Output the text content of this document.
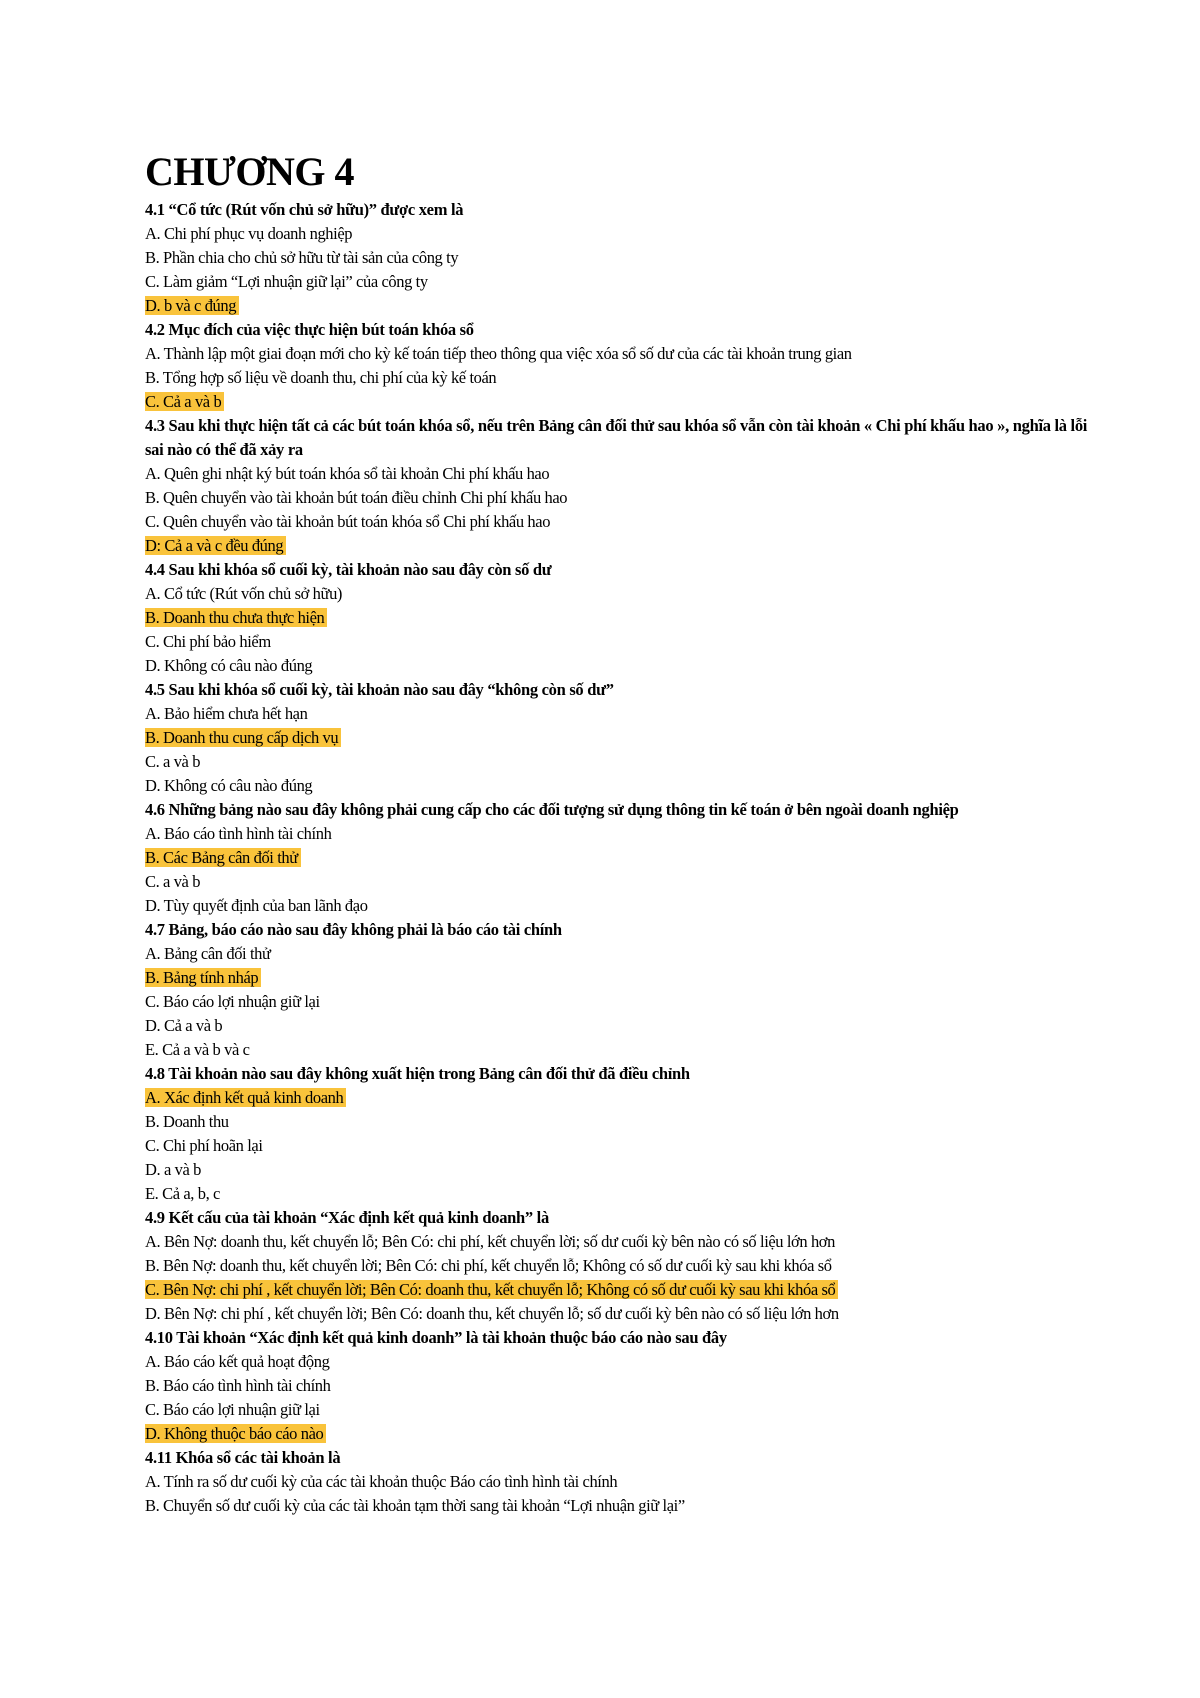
CHƯƠNG 4
4.1 “Cổ tức (Rút vốn chủ sở hữu)” được xem là
A. Chi phí phục vụ doanh nghiệp
B. Phần chia cho chủ sở hữu từ tài sản của công ty
C. Làm giảm “Lợi nhuận giữ lại” của công ty
D. b và c đúng
4.2 Mục đích của việc thực hiện bút toán khóa sổ
A. Thành lập một giai đoạn mới cho kỳ kế toán tiếp theo thông qua việc xóa sổ số dư của các tài khoản trung gian
B. Tổng hợp số liệu về doanh thu, chi phí của kỳ kế toán
C. Cả a và b
4.3 Sau khi thực hiện tất cả các bút toán khóa sổ, nếu trên Bảng cân đối thử sau khóa sổ vẫn còn tài khoản « Chi phí khấu hao », nghĩa là lỗi sai nào có thể đã xảy ra
A. Quên ghi nhật ký bút toán khóa sổ tài khoản Chi phí khấu hao
B. Quên chuyển vào tài khoản bút toán điều chỉnh Chi phí khấu hao
C. Quên chuyển vào tài khoản bút toán khóa sổ Chi phí khấu hao
D: Cả a và c đều đúng
4.4 Sau khi khóa sổ cuối kỳ, tài khoản nào sau đây còn số dư
A. Cổ tức (Rút vốn chủ sở hữu)
B. Doanh thu chưa thực hiện
C. Chi phí bảo hiểm
D. Không có câu nào đúng
4.5 Sau khi khóa sổ cuối kỳ, tài khoản nào sau đây “không còn số dư”
A. Bảo hiểm chưa hết hạn
B. Doanh thu cung cấp dịch vụ
C. a và b
D. Không có câu nào đúng
4.6 Những bảng nào sau đây không phải cung cấp cho các đối tượng sử dụng thông tin kế toán ở bên ngoài doanh nghiệp
A. Báo cáo tình hình tài chính
B. Các Bảng cân đối thử
C. a và b
D. Tùy quyết định của ban lãnh đạo
4.7 Bảng, báo cáo nào sau đây không phải là báo cáo tài chính
A. Bảng cân đối thử
B. Bảng tính nháp
C. Báo cáo lợi nhuận giữ lại
D. Cả a và b
E. Cả a và b và c
4.8 Tài khoản nào sau đây không xuất hiện trong Bảng cân đối thử đã điều chỉnh
A. Xác định kết quả kinh doanh
B. Doanh thu
C. Chi phí hoãn lại
D. a và b
E. Cả a, b, c
4.9 Kết cấu của tài khoản “Xác định kết quả kinh doanh” là
A. Bên Nợ: doanh thu, kết chuyển lỗ; Bên Có: chi phí, kết chuyển lời; số dư cuối kỳ bên nào có số liệu lớn hơn
B. Bên Nợ: doanh thu, kết chuyển lời; Bên Có: chi phí, kết chuyển lỗ; Không có số dư cuối kỳ sau khi khóa sổ
C. Bên Nợ: chi phí , kết chuyển lời; Bên Có: doanh thu, kết chuyển lỗ; Không có số dư cuối kỳ sau khi khóa sổ
D. Bên Nợ: chi phí , kết chuyển lời; Bên Có: doanh thu, kết chuyển lỗ; số dư cuối kỳ bên nào có số liệu lớn hơn
4.10 Tài khoản “Xác định kết quả kinh doanh” là tài khoản thuộc báo cáo nào sau đây
A. Báo cáo kết quả hoạt động
B. Báo cáo tình hình tài chính
C. Báo cáo lợi nhuận giữ lại
D. Không thuộc báo cáo nào
4.11 Khóa sổ các tài khoản là
A. Tính ra số dư cuối kỳ của các tài khoản thuộc Báo cáo tình hình tài chính
B. Chuyển số dư cuối kỳ của các tài khoản tạm thời sang tài khoản “Lợi nhuận giữ lại”
